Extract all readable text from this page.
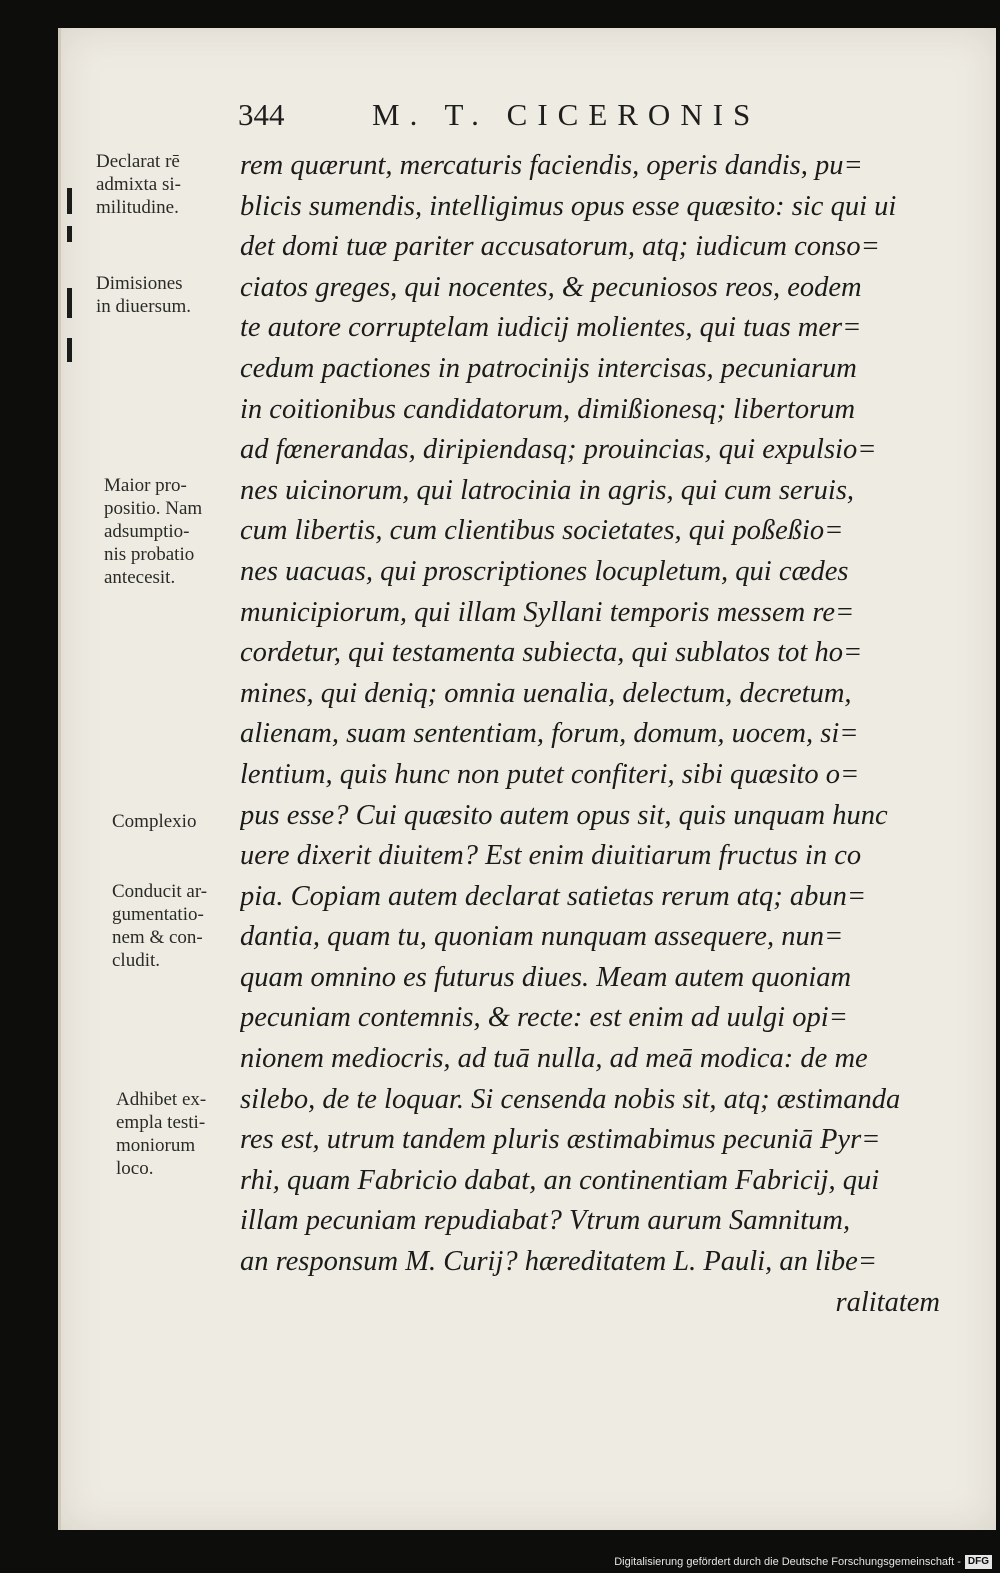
344	M. T. CICERONIS
Declarat rē
admixta si-
militudine.
Dimisiones
in diuersum.
Maior pro-
positio. Nam
adsumptio-
nis probatio
antecesit.
Complexio
Conducit ar-
gumentatio-
nem & con-
cludit.
Adhibet ex-
empla testi-
moniorum
loco.
rem quærunt, mercaturis faciendis, operis dandis, pu=
blicis sumendis, intelligimus opus esse quæsito: sic qui ui
det domi tuæ pariter accusatorum, atq; iudicum conso=
ciatos greges, qui nocentes, & pecuniosos reos, eodem
te autore corruptelam iudicij molientes, qui tuas mer=
cedum pactiones in patrocinijs intercisas, pecuniarum
in coitionibus candidatorum, dimißionesq; libertorum
ad fœnerandas, diripiendasq; prouincias, qui expulsio=
nes uicinorum, qui latrocinia in agris, qui cum seruis,
cum libertis, cum clientibus societates, qui poßeßio=
nes uacuas, qui proscriptiones locupletum, qui cædes
municipiorum, qui illam Syllani temporis messem re=
cordetur, qui testamenta subiecta, qui sublatos tot ho=
mines, qui deniq; omnia uenalia, delectum, decretum,
alienam, suam sententiam, forum, domum, uocem, si=
lentium, quis hunc non putet confiteri, sibi quæsito o=
pus esse? Cui quæsito autem opus sit, quis unquam hunc
uere dixerit diuitem? Est enim diuitiarum fructus in co
pia. Copiam autem declarat satietas rerum atq; abun=
dantia, quam tu, quoniam nunquam assequere, nun=
quam omnino es futurus diues. Meam autem quoniam
pecuniam contemnis, & recte: est enim ad uulgi opi=
nionem mediocris, ad tuā nulla, ad meā modica: de me
silebo, de te loquar. Si censenda nobis sit, atq; æstimanda
res est, utrum tandem pluris æstimabimus pecuniā Pyr=
rhi, quam Fabricio dabat, an continentiam Fabricij, qui
illam pecuniam repudiabat? Vtrum aurum Samnitum,
an responsum M. Curij? hæreditatem L. Pauli, an libe=
ralitatem
Digitalisierung gefördert durch die Deutsche Forschungsgemeinschaft - DFG
